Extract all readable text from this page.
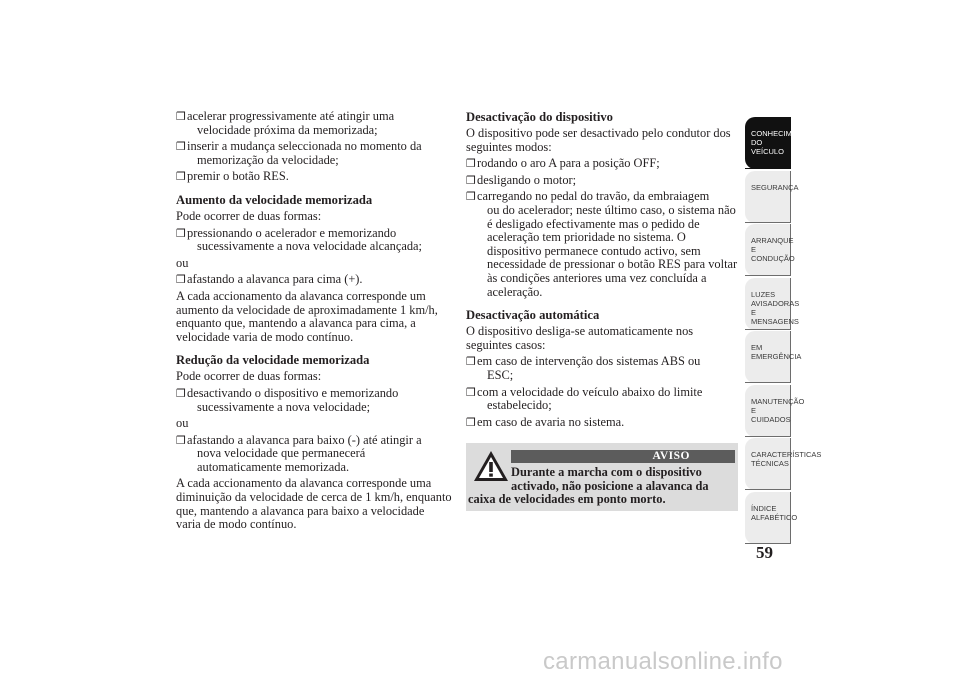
❒ acelerar progressivamente até atingir uma
velocidade próxima da memorizada;
❒ inserir a mudança seleccionada no momento da
memorização da velocidade;
❒ premir o botão RES.
Aumento da velocidade memorizada

Pode ocorrer de duas formas:

❒ pressionando o acelerador e memorizando
sucessivamente a nova velocidade alcançada;

ou

❒ afastando a alavanca para cima (+).

A cada accionamento da alavanca corresponde um aumento da velocidade de aproximadamente 1 km/h, enquanto que, mantendo a alavanca para cima, a velocidade varia de modo contínuo.

Redução da velocidade memorizada

Pode ocorrer de duas formas:

❒ desactivando o dispositivo e memorizando
sucessivamente a nova velocidade;

ou

❒ afastando a alavanca para baixo (-) até atingir a
nova velocidade que permanecerá
automaticamente memorizada.

A cada accionamento da alavanca corresponde uma diminuição da velocidade de cerca de 1 km/h, enquanto que, mantendo a alavanca para baixo a velocidade varia de modo contínuo.

Desactivação do dispositivo

O dispositivo pode ser desactivado pelo condutor dos seguintes modos:

❒ rodando o aro A para a posição OFF;
❒ desligando o motor;
❒ carregando no pedal do travão, da embraiagem
ou do acelerador; neste último caso, o sistema não é desligado efectivamente mas o pedido de aceleração tem prioridade no sistema. O dispositivo permanece contudo activo, sem necessidade de pressionar o botão RES para voltar às condições anteriores uma vez concluída a aceleração.
Desactivação automática

O dispositivo desliga-se automaticamente nos seguintes casos:

❒ em caso de intervenção dos sistemas ABS ou
ESC;
❒ com a velocidade do veículo abaixo do limite
estabelecido;
❒ em caso de avaria no sistema.
AVISO
Durante a marcha com o dispositivo
activado, não posicione a alavanca da
caixa de velocidades em ponto morto.
CONHECIMENTO
DO VEÍCULO
SEGURANÇA
ARRANQUE E
CONDUÇÃO
LUZES
AVISADORAS E
MENSAGENS
EM EMERGÊNCIA
MANUTENÇÃO E
CUIDADOS
CARACTERÍSTICAS
TÉCNICAS
ÍNDICE
ALFABÉTICO
59
carmanualsonline.info
